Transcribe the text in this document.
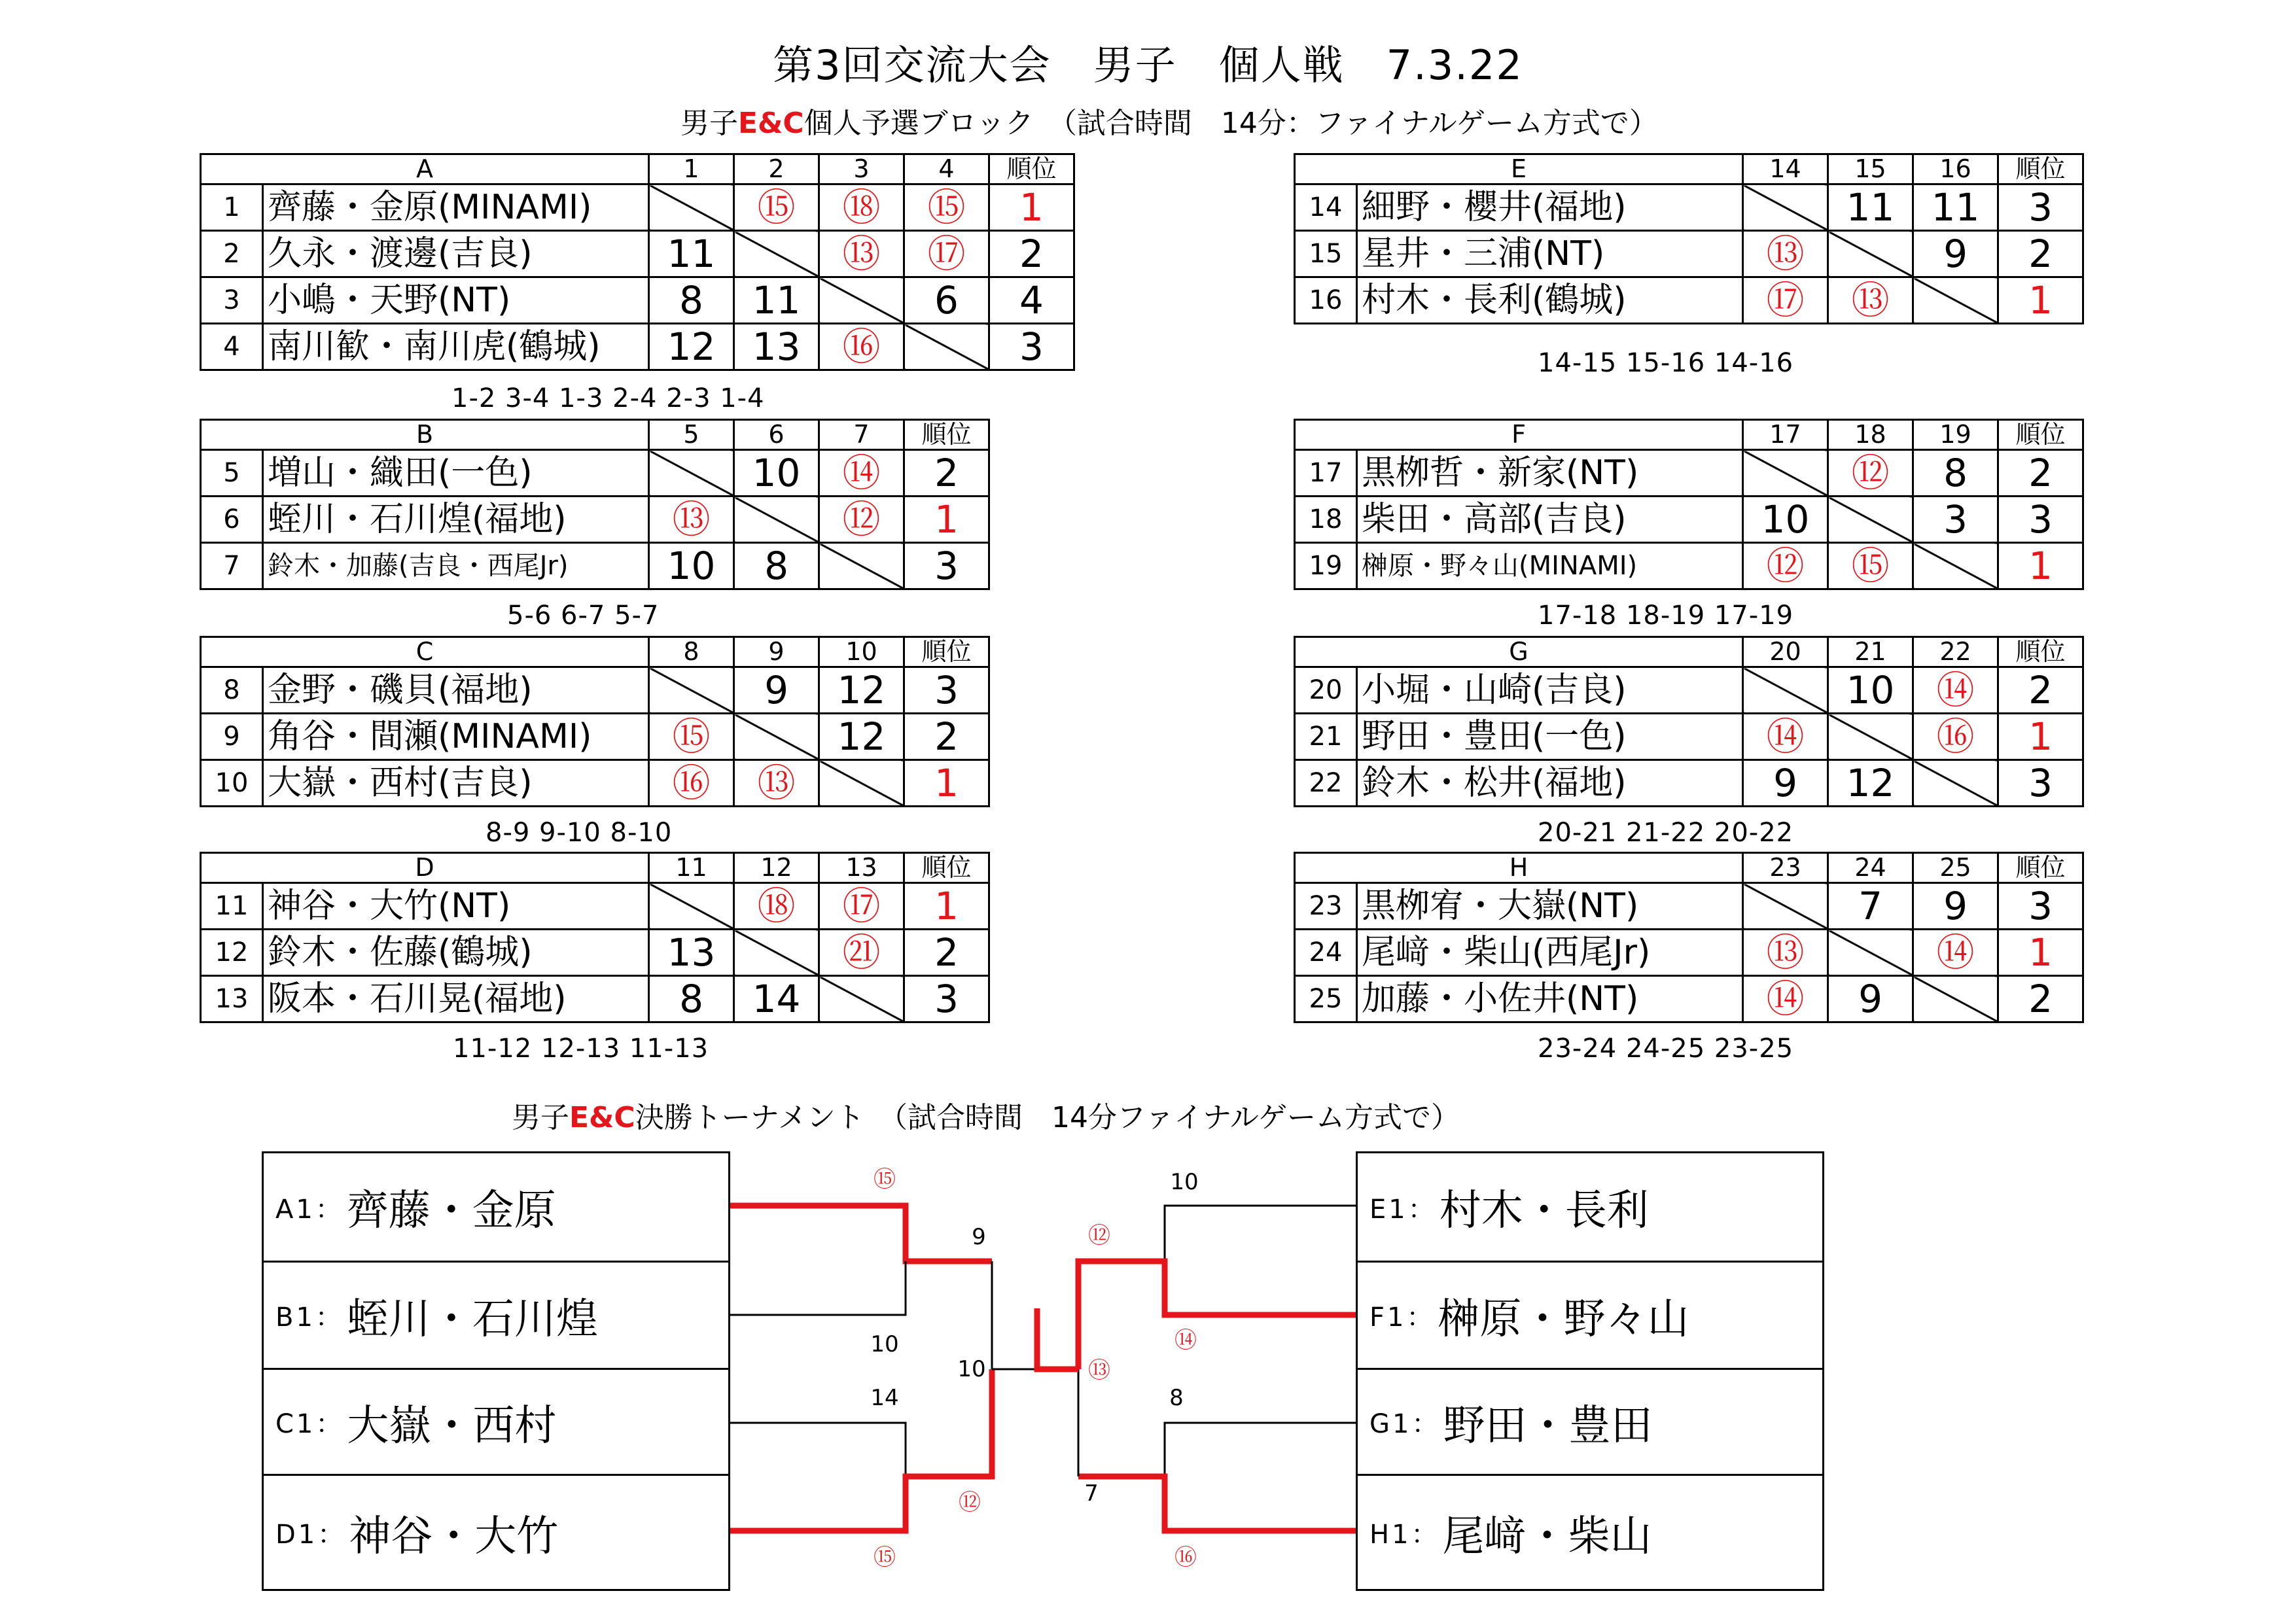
第3回交流大会　男子　個人戦　7.3.22
男子E&C個人予選ブロック　（試合時間　14分：ファイナルゲーム方式で）
A		1	2	3	4	順位
1	齊藤・金原(MINAMI)		⑮	⑱	⑮	1
2	久永・渡邊(吉良)	11		⑬	⑰	2
3	小嶋・天野(NT)	8	11		6	4
4	南川歓・南川虎(鶴城)	12	13	⑯		3
1-2 3-4 1-3 2-4 2-3 1-4
B		5	6	7	順位
5	増山・織田(一色)		10	⑭	2
6	蛭川・石川煌(福地)	⑬		⑫	1
7	鈴木・加藤(吉良・西尾Jr)	10	8		3
5-6 6-7 5-7
C		8	9	10	順位
8	金野・磯貝(福地)		9	12	3
9	角谷・間瀬(MINAMI)	⑮		12	2
10	大嶽・西村(吉良)	⑯	⑬		1
8-9 9-10 8-10
D		11	12	13	順位
11	神谷・大竹(NT)		⑱	⑰	1
12	鈴木・佐藤(鶴城)	13		㉑	2
13	阪本・石川晃(福地)	8	14		3
11-12 12-13 11-13
E		14	15	16	順位
14	細野・櫻井(福地)		11	11	3
15	星井・三浦(NT)	⑬		9	2
16	村木・長利(鶴城)	⑰	⑬		1
14-15 15-16 14-16
F		17	18	19	順位
17	黒栁哲・新家(NT)		⑫	8	2
18	柴田・高部(吉良)	10		3	3
19	榊原・野々山(MINAMI)	⑫	⑮		1
17-18 18-19 17-19
G		20	21	22	順位
20	小堀・山崎(吉良)		10	⑭	2
21	野田・豊田(一色)	⑭		⑯	1
22	鈴木・松井(福地)	9	12		3
20-21 21-22 20-22
H		23	24	25	順位
23	黒栁宥・大嶽(NT)		7	9	3
24	尾﨑・柴山(西尾Jr)	⑬		⑭	1
25	加藤・小佐井(NT)	⑭	9		2
23-24 24-25 23-25
男子E&C決勝トーナメント　（試合時間　14分ファイナルゲーム方式で）
A1： 齊藤・金原
B1： 蛭川・石川煌
C1： 大嶽・西村
D1： 神谷・大竹
E1： 村木・長利
F1： 榊原・野々山
G1： 野田・豊田
H1： 尾﨑・柴山
⑮
10
9
14
⑮
⑫
10
10
⑭
⑫
8
⑯
7
⑬
